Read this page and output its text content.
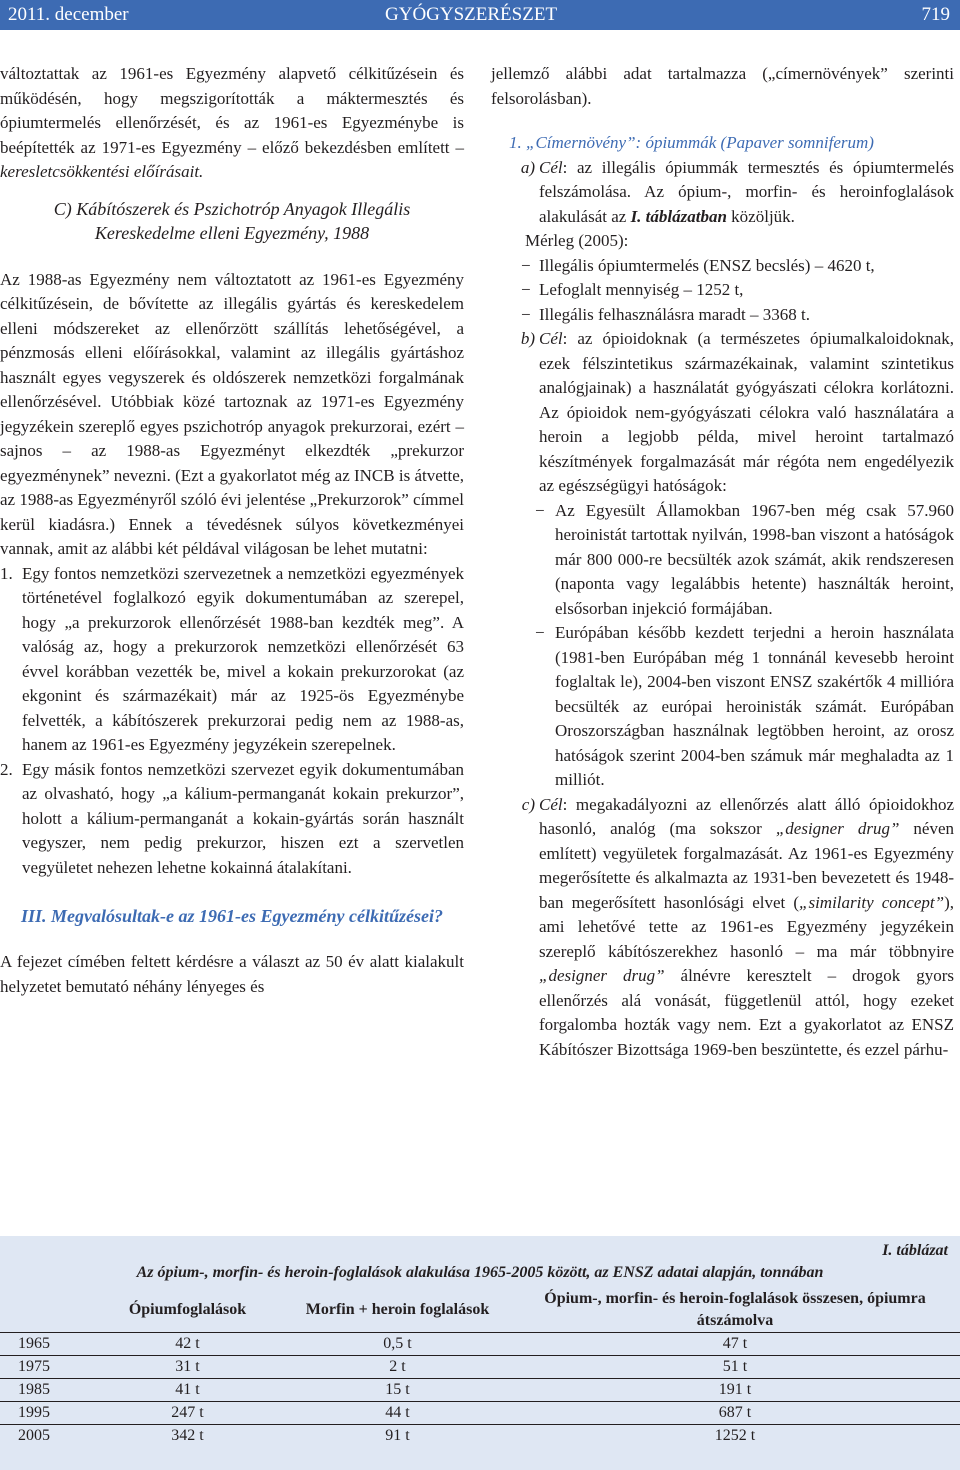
2011. december	GYÓGYSZERÉSZET	719

változtattak az 1961-es Egyezmény alapvető célkitűzésein és működésén, hogy megszigorították a máktermesztés és ópiumtermelés ellenőrzését, és az 1961-es Egyezménybe is beépítették az 1971-es Egyezmény – előző bekezdésben említett – keresletcsökkentési előírásait.

C) Kábítószerek és Pszichotróp Anyagok Illegális Kereskedelme elleni Egyezmény, 1988

Az 1988-as Egyezmény nem változtatott az 1961-es Egyezmény célkitűzésein, de bővítette az illegális gyártás és kereskedelem elleni módszereket az ellenőrzött szállítás lehetőségével, a pénzmosás elleni előírásokkal, valamint az illegális gyártáshoz használt egyes vegyszerek és oldószerek nemzetközi forgalmának ellenőrzésével. Utóbbiak közé tartoznak az 1971-es Egyezmény jegyzékein szereplő egyes pszichotróp anyagok prekurzorai, ezért – sajnos – az 1988-as Egyezményt elkezdték „prekurzor egyezménynek” nevezni. (Ezt a gyakorlatot még az INCB is átvette, az 1988-as Egyezményről szóló évi jelentése „Prekurzorok” címmel kerül kiadásra.) Ennek a tévedésnek súlyos következményei vannak, amit az alábbi két példával világosan be lehet mutatni:

1. Egy fontos nemzetközi szervezetnek a nemzetközi egyezmények történetével foglalkozó egyik dokumentumában az szerepel, hogy „a prekurzorok ellenőrzését 1988-ban kezdték meg”. A valóság az, hogy a prekurzorok nemzetközi ellenőrzését 63 évvel korábban vezették be, mivel a kokain prekurzorokat (az ekgonint és származékait) már az 1925-ös Egyezménybe felvették, a kábítószerek prekurzorai pedig nem az 1988-as, hanem az 1961-es Egyezmény jegyzékein szerepelnek.
2. Egy másik fontos nemzetközi szervezet egyik dokumentumában az olvasható, hogy „a kálium-permanganát kokain prekurzor”, holott a kálium-permanganát a kokain-gyártás során használt vegyszer, nem pedig prekurzor, hiszen ezt a szervetlen vegyületet nehezen lehetne kokainná átalakítani.
III. Megvalósultak-e az 1961-es Egyezmény célkitűzései?

A fejezet címében feltett kérdésre a választ az 50 év alatt kialakult helyzetet bemutató néhány lényeges és

jellemző alábbi adat tartalmazza („címernövények” szerinti felsorolásban).

1. „Címernövény”: ópiummák (Papaver somniferum)

a) Cél: az illegális ópiummák termesztés és ópiumtermelés felszámolása. Az ópium-, morfin- és heroinfoglalások alakulását az I. táblázatban közöljük.

Mérleg (2005):

− Illegális ópiumtermelés (ENSZ becslés) – 4620 t,
− Lefoglalt mennyiség – 1252 t,
− Illegális felhasználásra maradt – 3368 t.
b) Cél: az ópioidoknak (a természetes ópiumalkaloidoknak, ezek félszintetikus származékainak, valamint szintetikus analógjainak) a használatát gyógyászati célokra korlátozni. Az ópioidok nem-gyógyászati célokra való használatára a heroin a legjobb példa, mivel heroint tartalmazó készítmények forgalmazását már régóta nem engedélyezik az egészségügyi hatóságok:
− Az Egyesült Államokban 1967-ben még csak 57.960 heroinistát tartottak nyilván, 1998-ban viszont a hatóságok már 800 000-re becsülték azok számát, akik rendszeresen (naponta vagy legalábbis hetente) használták heroint, elsősorban injekció formájában.
− Európában később kezdett terjedni a heroin használata (1981-ben Európában még 1 tonnánál kevesebb heroint foglaltak le), 2004-ben viszont ENSZ szakértők 4 millióra becsülték az európai heroinisták számát. Európában Oroszországban használnak legtöbben heroint, az orosz hatóságok szerint 2004-ben számuk már meghaladta az 1 milliót.
c) Cél: megakadályozni az ellenőrzés alatt álló ópioidokhoz hasonló, analóg (ma sokszor „designer drug” néven említett) vegyületek forgalmazását. Az 1961-es Egyezmény megerősítette és alkalmazta az 1931-ben bevezetett és 1948-ban megerősített hasonlósági elvet („similarity concept”), ami lehetővé tette az 1961-es Egyezmény jegyzékein szereplő kábítószerekhez hasonló – ma már többnyire „designer drug” álnévre keresztelt – drogok gyors ellenőrzés alá vonását, függetlenül attól, hogy ezeket forgalomba hozták vagy nem. Ezt a gyakorlatot az ENSZ Kábítószer Bizottsága 1969-ben beszüntette, és ezzel párhu-
I. táblázat
Az ópium-, morfin- és heroin-foglalások alakulása 1965-2005 között, az ENSZ adatai alapján, tonnában
	Ópiumfoglalások	Morfin + heroin foglalások	Ópium-, morfin- és heroin-foglalások összesen, ópiumra átszámolva
1965	42 t	0,5 t	47 t
1975	31 t	2 t	51 t
1985	41 t	15 t	191 t
1995	247 t	44 t	687 t
2005	342 t	91 t	1252 t
